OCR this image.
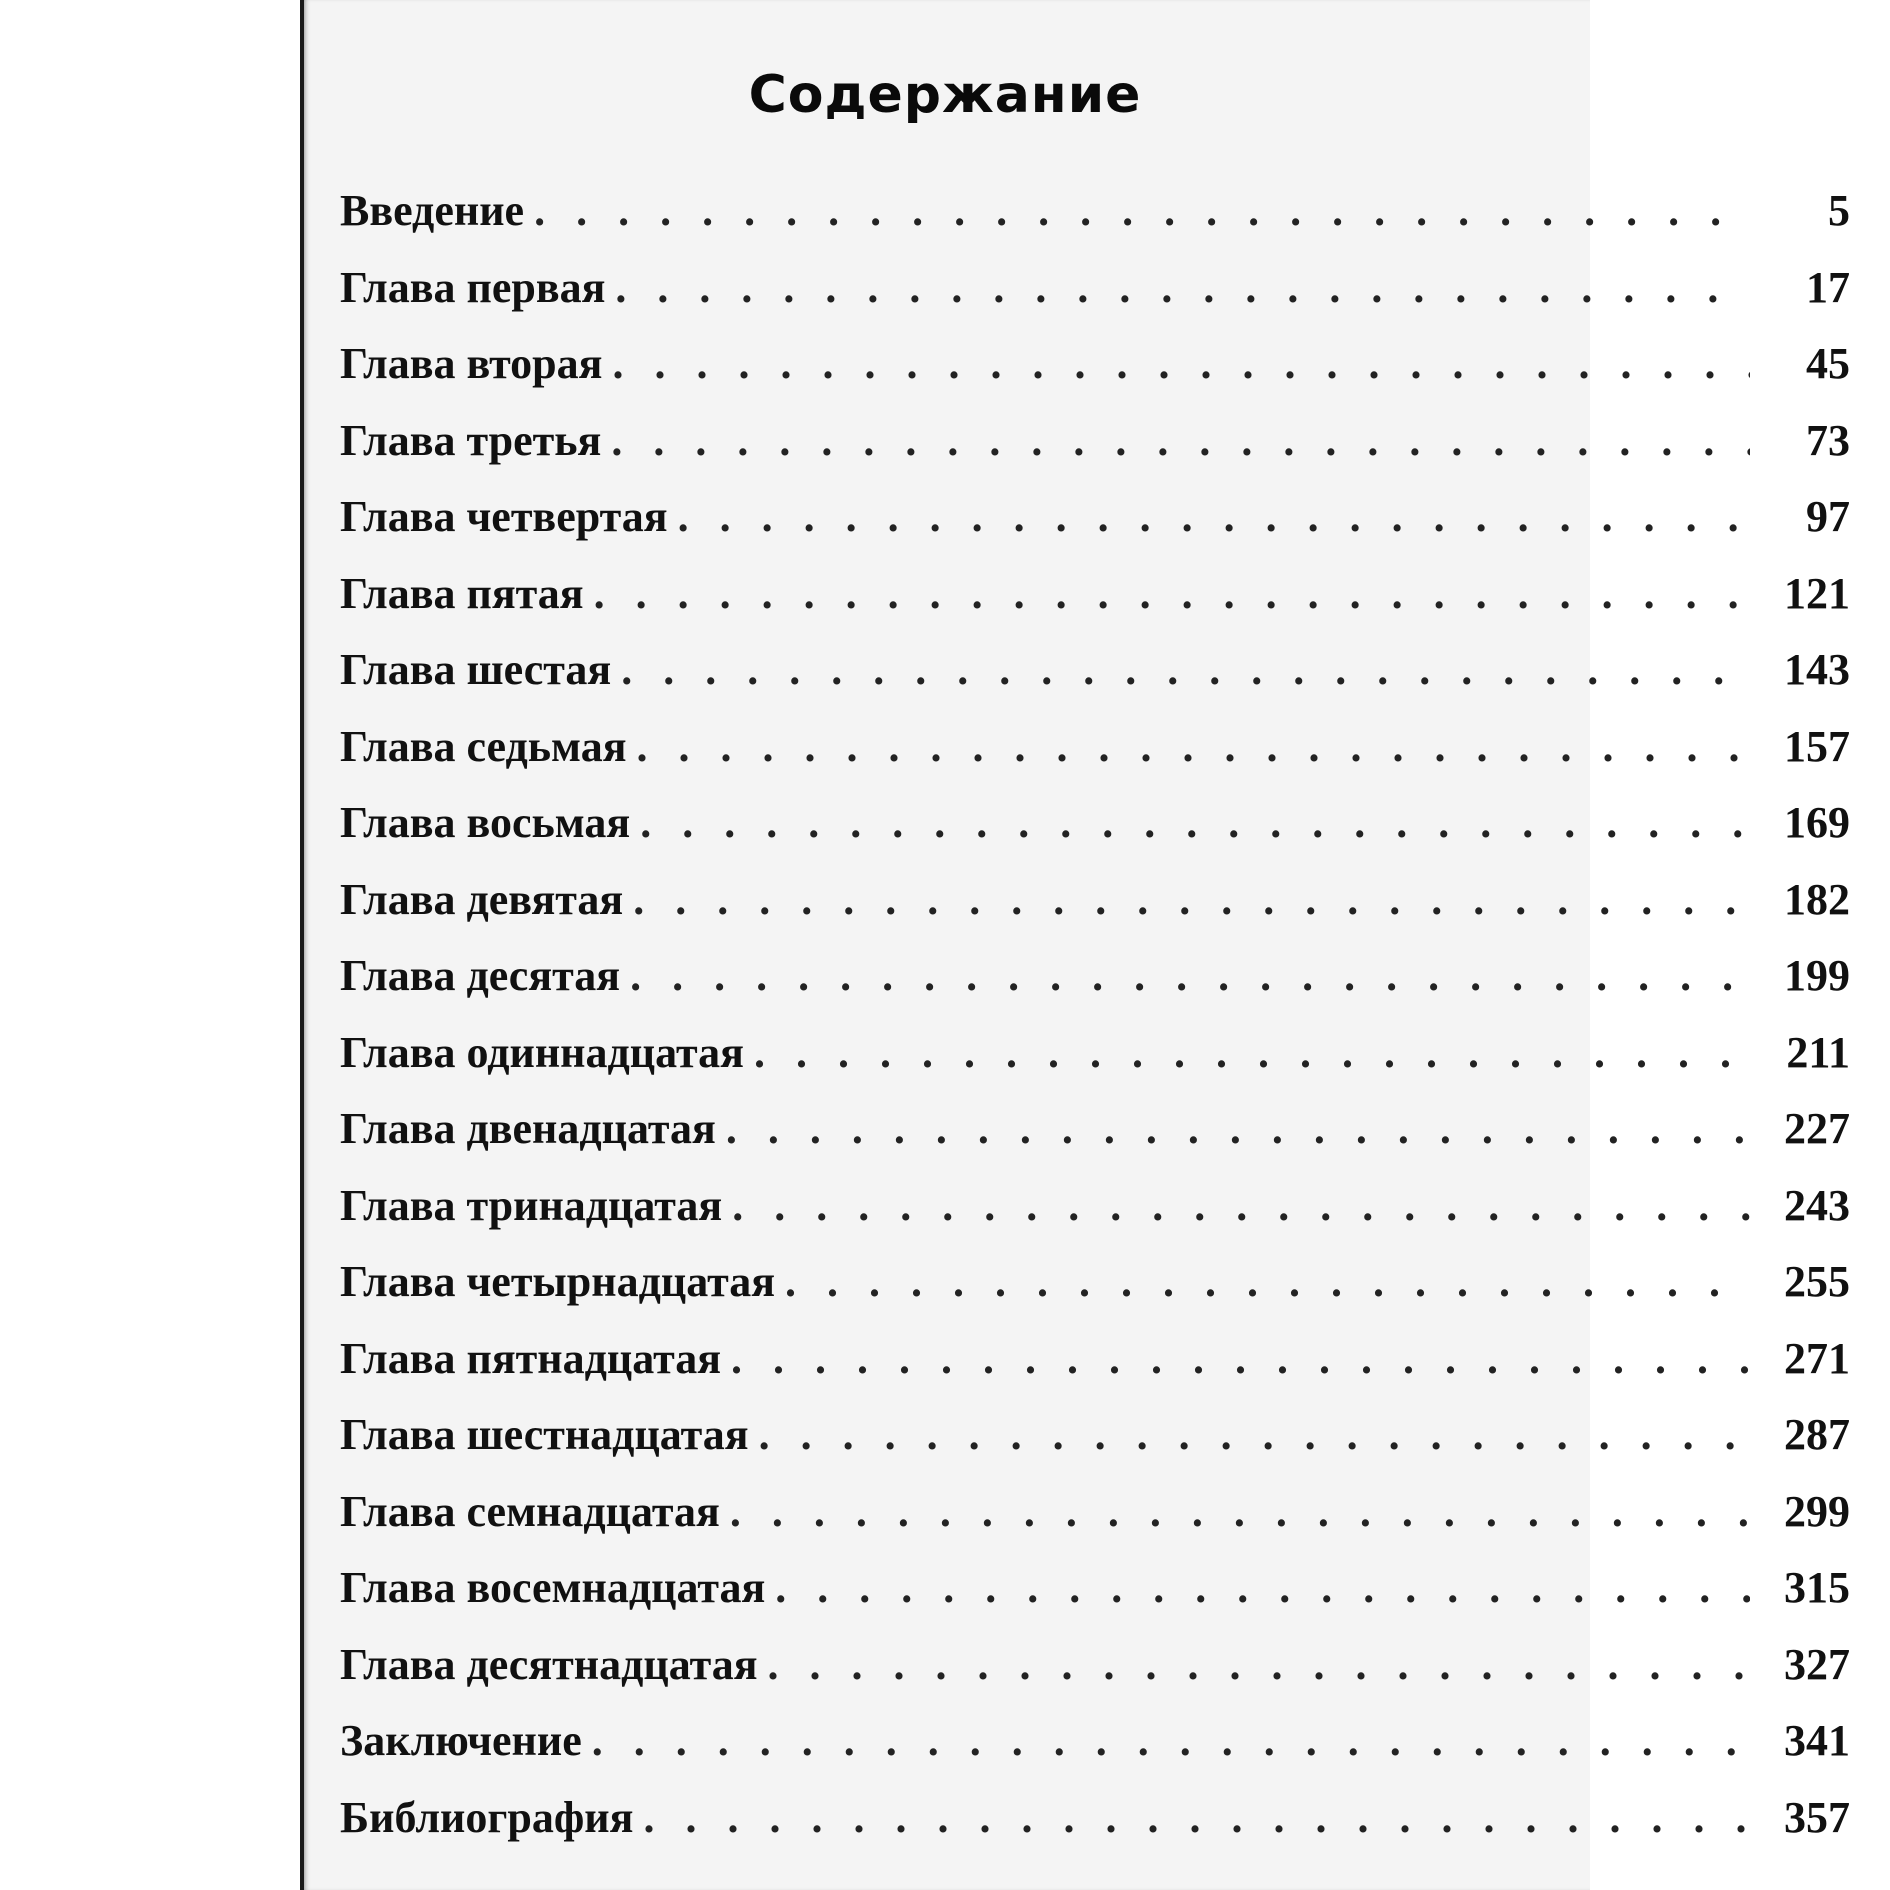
Содержание
Введение . . .	5
Глава первая . . .	17
Глава вторая . . .	45
Глава третья . . .	73
Глава четвертая . . .	97
Глава пятая . . .	121
Глава шестая . . .	143
Глава седьмая . . .	157
Глава восьмая . . .	169
Глава девятая . . .	182
Глава десятая . . .	199
Глава одиннадцатая . . .	211
Глава двенадцатая . . .	227
Глава тринадцатая . . .	243
Глава четырнадцатая . . .	255
Глава пятнадцатая . . .	271
Глава шестнадцатая . . .	287
Глава семнадцатая . . .	299
Глава восемнадцатая . . .	315
Глава десятнадцатая . . .	327
Заключение . . .	341
Библиография . . .	357
